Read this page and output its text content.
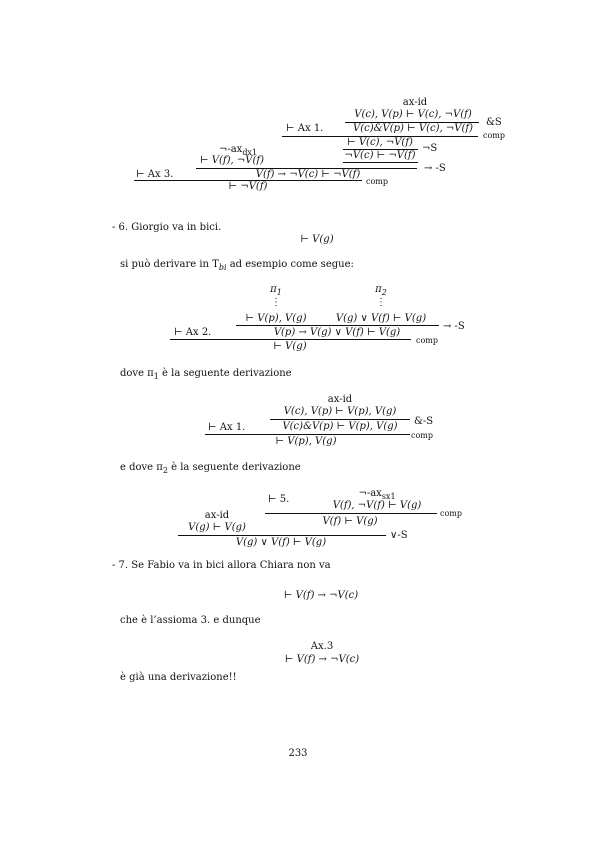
ax-id
V(c), V(p) ⊢ V(c), ¬V(f)
⊢ Ax 1.	V(c)&V(p) ⊢ V(c), ¬V(f)
&S
comp
⊢ V(c), ¬V(f)
¬V(c) ⊢ ¬V(f)
¬S
$\neg-ax_{dx1}$
⊢ V(f), ¬V(f)
⊢ Ax 3.	V(f) → ¬V(c) ⊢ ¬V(f)
→ -S
comp
⊢ ¬V(f)
- 6. Giorgio va in bici.
⊢ V(g)
si può derivare in $T_{bi}$ ad esempio come segue:
$\pi_1$	$\pi_2$
⋮	⋮
⊢ V(p), V(g)	V(g) ∨ V(f) ⊢ V(g)
⊢ Ax 2.	V(p) → V(g) ∨ V(f) ⊢ V(g)
→ -S
comp
⊢ V(g)
dove $\pi_1$ è la seguente derivazione
ax-id
V(c), V(p) ⊢ V(p), V(g)
⊢ Ax 1.	V(c)&V(p) ⊢ V(p), V(g) &-S
comp
⊢ V(p), V(g)
e dove $\pi_2$ è la seguente derivazione
$\neg-ax_{sx1}$
⊢ 5.
V(f), ¬V(f) ⊢ V(g)
comp
ax-id
V(g) ⊢ V(g)
V(f) ⊢ V(g)
∨-S
V(g) ∨ V(f) ⊢ V(g)
- 7. Se Fabio va in bici allora Chiara non va
⊢ V(f) → ¬V(c)
che è l’assioma 3. e dunque
Ax.3
⊢ V(f) → ¬V(c)
è già una derivazione!!
233
